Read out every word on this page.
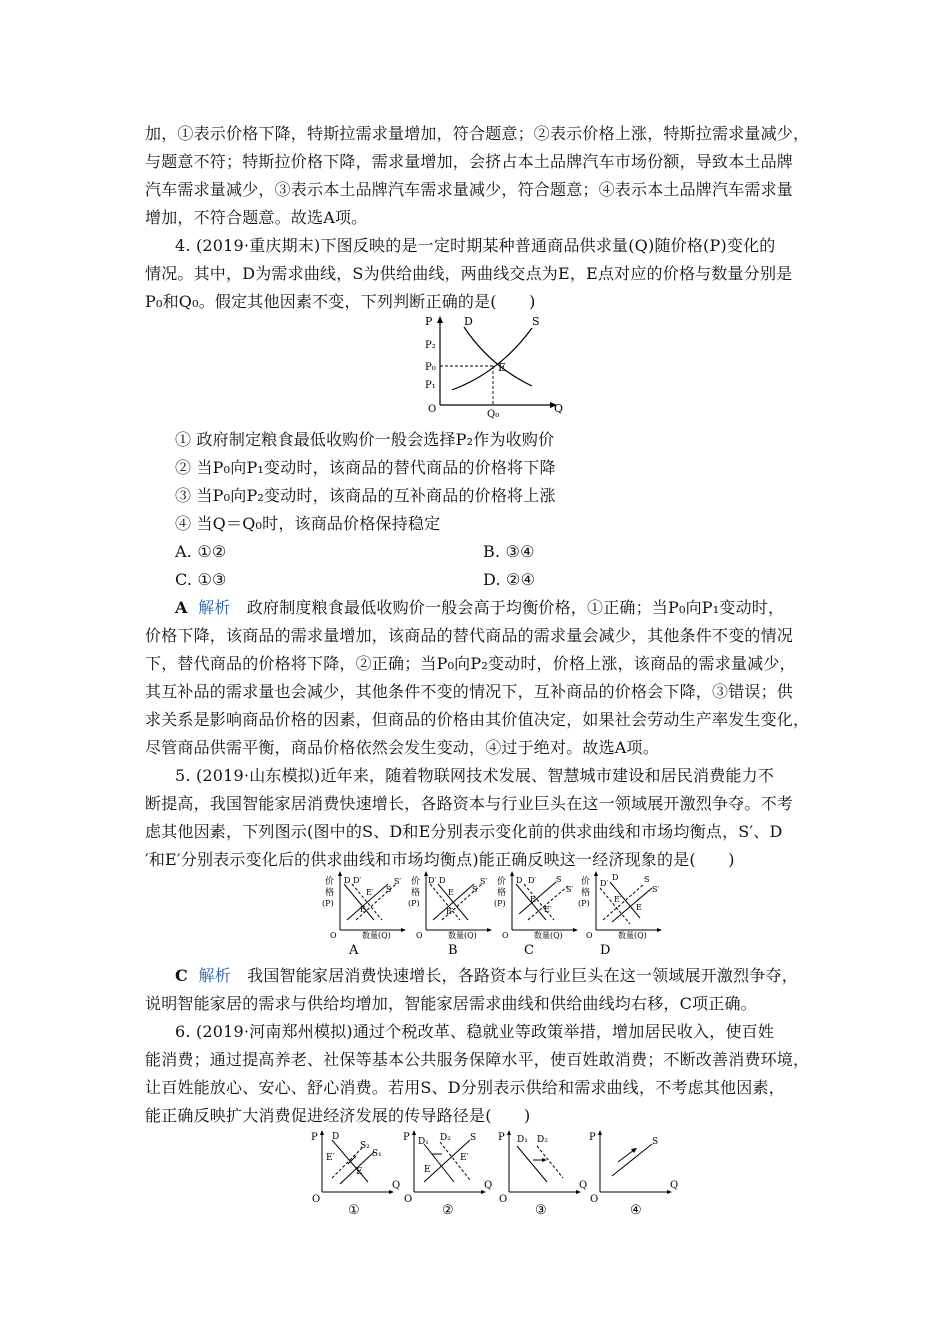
加，①表示价格下降，特斯拉需求量增加，符合题意；②表示价格上涨，特斯拉需求量减少，
与题意不符；特斯拉价格下降，需求量增加，会挤占本土品牌汽车市场份额，导致本土品牌
汽车需求量减少，③表示本土品牌汽车需求量减少，符合题意；④表示本土品牌汽车需求量
增加，不符合题意。故选A项。
4. (2019·重庆期末)下图反映的是一定时期某种普通商品供求量(Q)随价格(P)变化的
情况。其中，D为需求曲线，S为供给曲线，两曲线交点为E，E点对应的价格与数量分别是
P₀和Q₀。假定其他因素不变，下列判断正确的是(　　)
P
P₂
P₀
P₁
O	Q₀	Q
D	S
E
① 政府制定粮食最低收购价一般会选择P₂作为收购价
② 当P₀向P₁变动时，该商品的替代商品的价格将下降
③ 当P₀向P₂变动时，该商品的互补商品的价格将上涨
④ 当Q＝Q₀时，该商品价格保持稳定
A. ①②	B. ③④
C. ①③	D. ②④
A 解析　政府制度粮食最低收购价一般会高于均衡价格，①正确；当P₀向P₁变动时，
价格下降，该商品的需求量增加，该商品的替代商品的需求量会减少，其他条件不变的情况
下，替代商品的价格将下降，②正确；当P₀向P₂变动时，价格上涨，该商品的需求量减少，
其互补品的需求量也会减少，其他条件不变的情况下，互补商品的价格会下降，③错误；供
求关系是影响商品价格的因素，但商品的价格由其价值决定，如果社会劳动生产率发生变化，
尽管商品供需平衡，商品价格依然会发生变动，④过于绝对。故选A项。
5. (2019·山东模拟)近年来，随着物联网技术发展、智慧城市建设和居民消费能力不
断提高，我国智能家居消费快速增长，各路资本与行业巨头在这一领域展开激烈争夺。不考
虑其他因素，下列图示(图中的S、D和E分别表示变化前的供求曲线和市场均衡点，S′、D
′和E′分别表示变化后的供求曲线和市场均衡点)能正确反映这一经济现象的是(　　)
价
格
(P)
O	数量(Q)
D D′
S
S′
E′
E
A
价
格
(P)
O	数量(Q)
D′ D
S
S′
E
E′
B
价
格
(P)
O	数量(Q)
D D′ S
S′
E
E′
C
价
格
(P)
O	数量(Q)
D′
D	S
S′
E′
E
D
C 解析　我国智能家居消费快速增长，各路资本与行业巨头在这一领域展开激烈争夺，
说明智能家居的需求与供给均增加，智能家居需求曲线和供给曲线均右移，C项正确。
6. (2019·河南郑州模拟)通过个税改革、稳就业等政策举措，增加居民收入，使百姓
能消费；通过提高养老、社保等基本公共服务保障水平，使百姓敢消费；不断改善消费环境，
让百姓能放心、安心、舒心消费。若用S、D分别表示供给和需求曲线，不考虑其他因素，
能正确反映扩大消费促进经济发展的传导路径是(　　)
P
Q
O
D
S₂
S₁
E′
E
①
P
Q
O
D₁ D₂ S
E
E′
②
P
Q
O
D₁ D₂
③
P
Q
O
S
④
